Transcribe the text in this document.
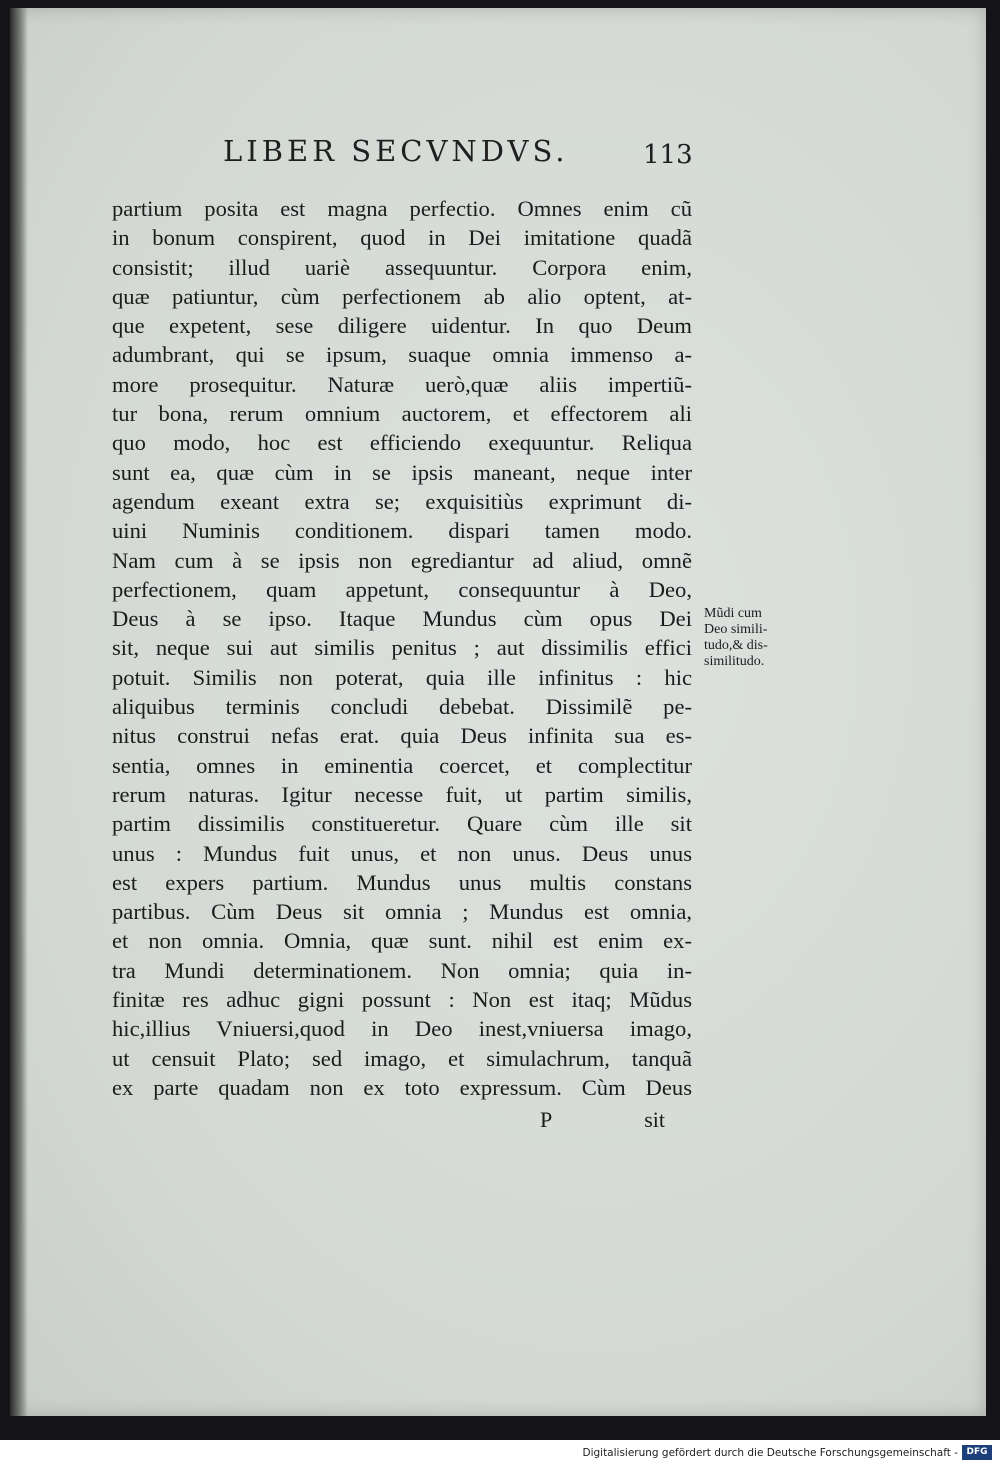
LIBER SECVNDVS.	113
partium posita est magna perfectio. Omnes enim cũ
in bonum conspirent, quod in Dei imitatione quadã
consistit; illud uariè assequuntur. Corpora enim,
quæ patiuntur, cùm perfectionem ab alio optent, at-
que expetent, sese diligere uidentur. In quo Deum
adumbrant, qui se ipsum, suaque omnia immenso a-
more prosequitur. Naturæ uerò,quæ aliis impertiũ-
tur bona, rerum omnium auctorem, et effectorem ali
quo modo, hoc est efficiendo exequuntur. Reliqua
sunt ea, quæ cùm in se ipsis maneant, neque inter
agendum exeant extra se; exquisitiùs exprimunt di-
uini Numinis conditionem. dispari tamen modo.
Nam cum à se ipsis non egrediantur ad aliud, omnẽ
perfectionem, quam appetunt, consequuntur à Deo,
Deus à se ipso. Itaque Mundus cùm opus Dei
sit, neque sui aut similis penitus ; aut dissimilis effici
potuit. Similis non poterat, quia ille infinitus : hic
aliquibus terminis concludi debebat. Dissimilẽ pe-
nitus construi nefas erat. quia Deus infinita sua es-
sentia, omnes in eminentia coercet, et complectitur
rerum naturas. Igitur necesse fuit, ut partim similis,
partim dissimilis constitueretur. Quare cùm ille sit
unus : Mundus fuit unus, et non unus. Deus unus
est expers partium. Mundus unus multis constans
partibus. Cùm Deus sit omnia ; Mundus est omnia,
et non omnia. Omnia, quæ sunt. nihil est enim ex-
tra Mundi determinationem. Non omnia; quia in-
finitæ res adhuc gigni possunt : Non est itaq; Mũdus
hic,illius Vniuersi,quod in Deo inest,vniuersa imago,
ut censuit Plato; sed imago, et simulachrum, tanquã
ex parte quadam non ex toto expressum. Cùm Deus
P	sit
Mũdi cum
Deo simili-
tudo,& dis-
similitudo.
Digitalisierung gefördert durch die Deutsche Forschungsgemeinschaft - DFG
